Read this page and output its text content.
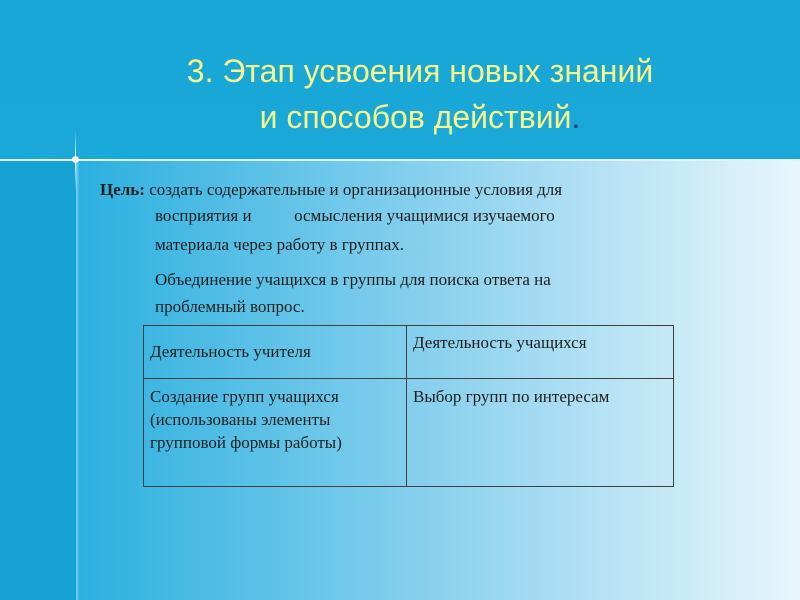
3. Этап усвоения новых знаний
и способов действий.
Цель: создать содержательные и организационные условия для
восприятия и          осмысления учащимися изучаемого
материала через работу в группах.
Объединение учащихся в группы для поиска ответа на
проблемный вопрос.
Деятельность учителя	Деятельность учащихся
Создание групп учащихся (использованы элементы групповой формы работы)	Выбор групп по интересам
